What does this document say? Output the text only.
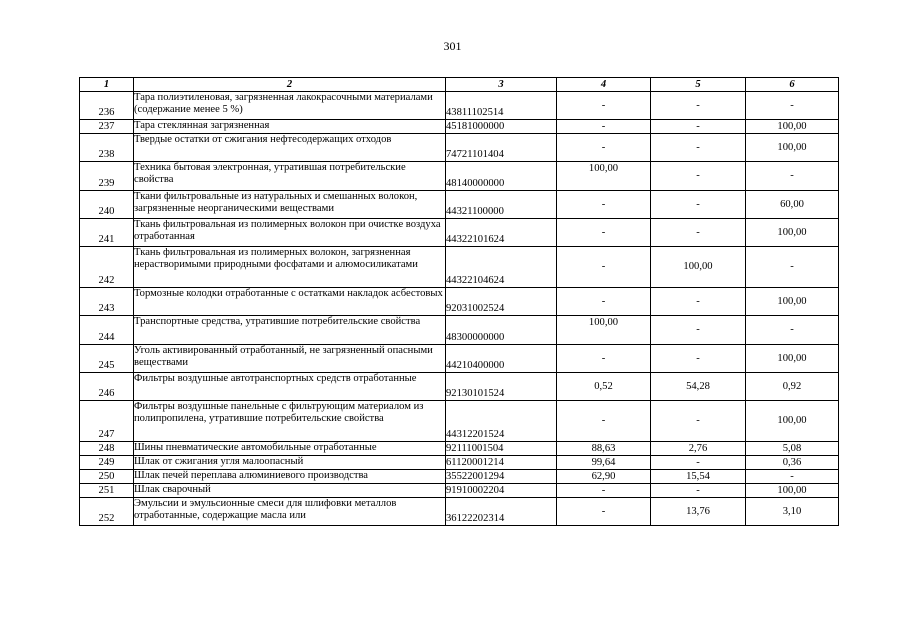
301
1	2	3	4	5	6
236	Тара полиэтиленовая, загрязненная лакокрасочными материалами (содержание менее 5 %)	43811102514	-	-	-
237	Тара стеклянная загрязненная	45181000000	-	-	100,00
238	Твердые остатки от сжигания нефтесодержащих отходов	74721101404	-	-	100,00
239	Техника бытовая электронная, утратившая потребительские свойства	48140000000	100,00	-	-
240	Ткани фильтровальные из натуральных и смешанных волокон, загрязненные неорганическими веществами	44321100000	-	-	60,00
241	Ткань фильтровальная из полимерных волокон при очистке воздуха отработанная	44322101624	-	-	100,00
242	Ткань фильтровальная из полимерных волокон, загрязненная нерастворимыми природными фосфатами и алюмосиликатами	44322104624	-	100,00	-
243	Тормозные колодки отработанные с остатками накладок асбестовых	92031002524	-	-	100,00
244	Транспортные средства, утратившие потребительские свойства	48300000000	100,00	-	-
245	Уголь активированный отработанный, не загрязненный опасными веществами	44210400000	-	-	100,00
246	Фильтры воздушные автотранспортных средств отработанные	92130101524	0,52	54,28	0,92
247	Фильтры воздушные панельные с фильтрующим материалом из полипропилена, утратившие потребительские свойства	44312201524	-	-	100,00
248	Шины пневматические автомобильные отработанные	92111001504	88,63	2,76	5,08
249	Шлак от сжигания угля малоопасный	61120001214	99,64	-	0,36
250	Шлак печей переплава алюминиевого производства	35522001294	62,90	15,54	-
251	Шлак сварочный	91910002204	-	-	100,00
252	Эмульсии и эмульсионные смеси для шлифовки металлов отработанные, содержащие масла или	36122202314	-	13,76	3,10
